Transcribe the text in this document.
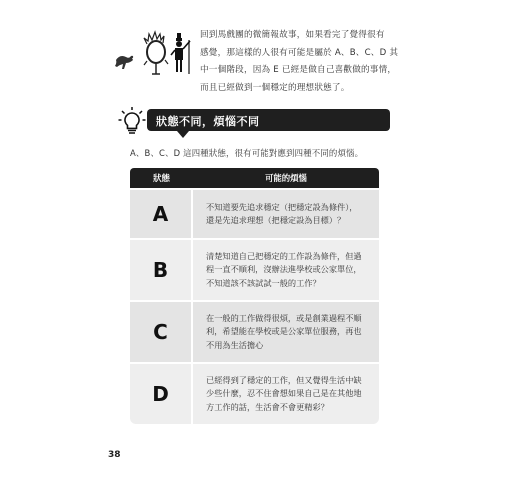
回到馬戲團的微簡報故事，如果看完了覺得很有
感覺，那這樣的人很有可能是屬於 A、B、C、D 其
中一個階段，因為 E 已經是做自己喜歡做的事情，
而且已經做到一個穩定的理想狀態了。
狀態不同，煩惱不同
A、B、C、D 這四種狀態，很有可能對應到四種不同的煩惱。
狀態	可能的煩惱
A	不知道要先追求穩定（把穩定設為條件），
還是先追求理想（把穩定設為目標）？
B
清楚知道自己把穩定的工作設為條件，但過
程一直不順利，沒辦法進學校或公家單位，
不知道該不該試試一般的工作？
C
在一般的工作做得很煩，或是創業過程不順
利，希望能在學校或是公家單位服務，再也
不用為生活擔心
D
已經得到了穩定的工作，但又覺得生活中缺
少些什麼，忍不住會想如果自己是在其他地
方工作的話，生活會不會更精彩？
38
